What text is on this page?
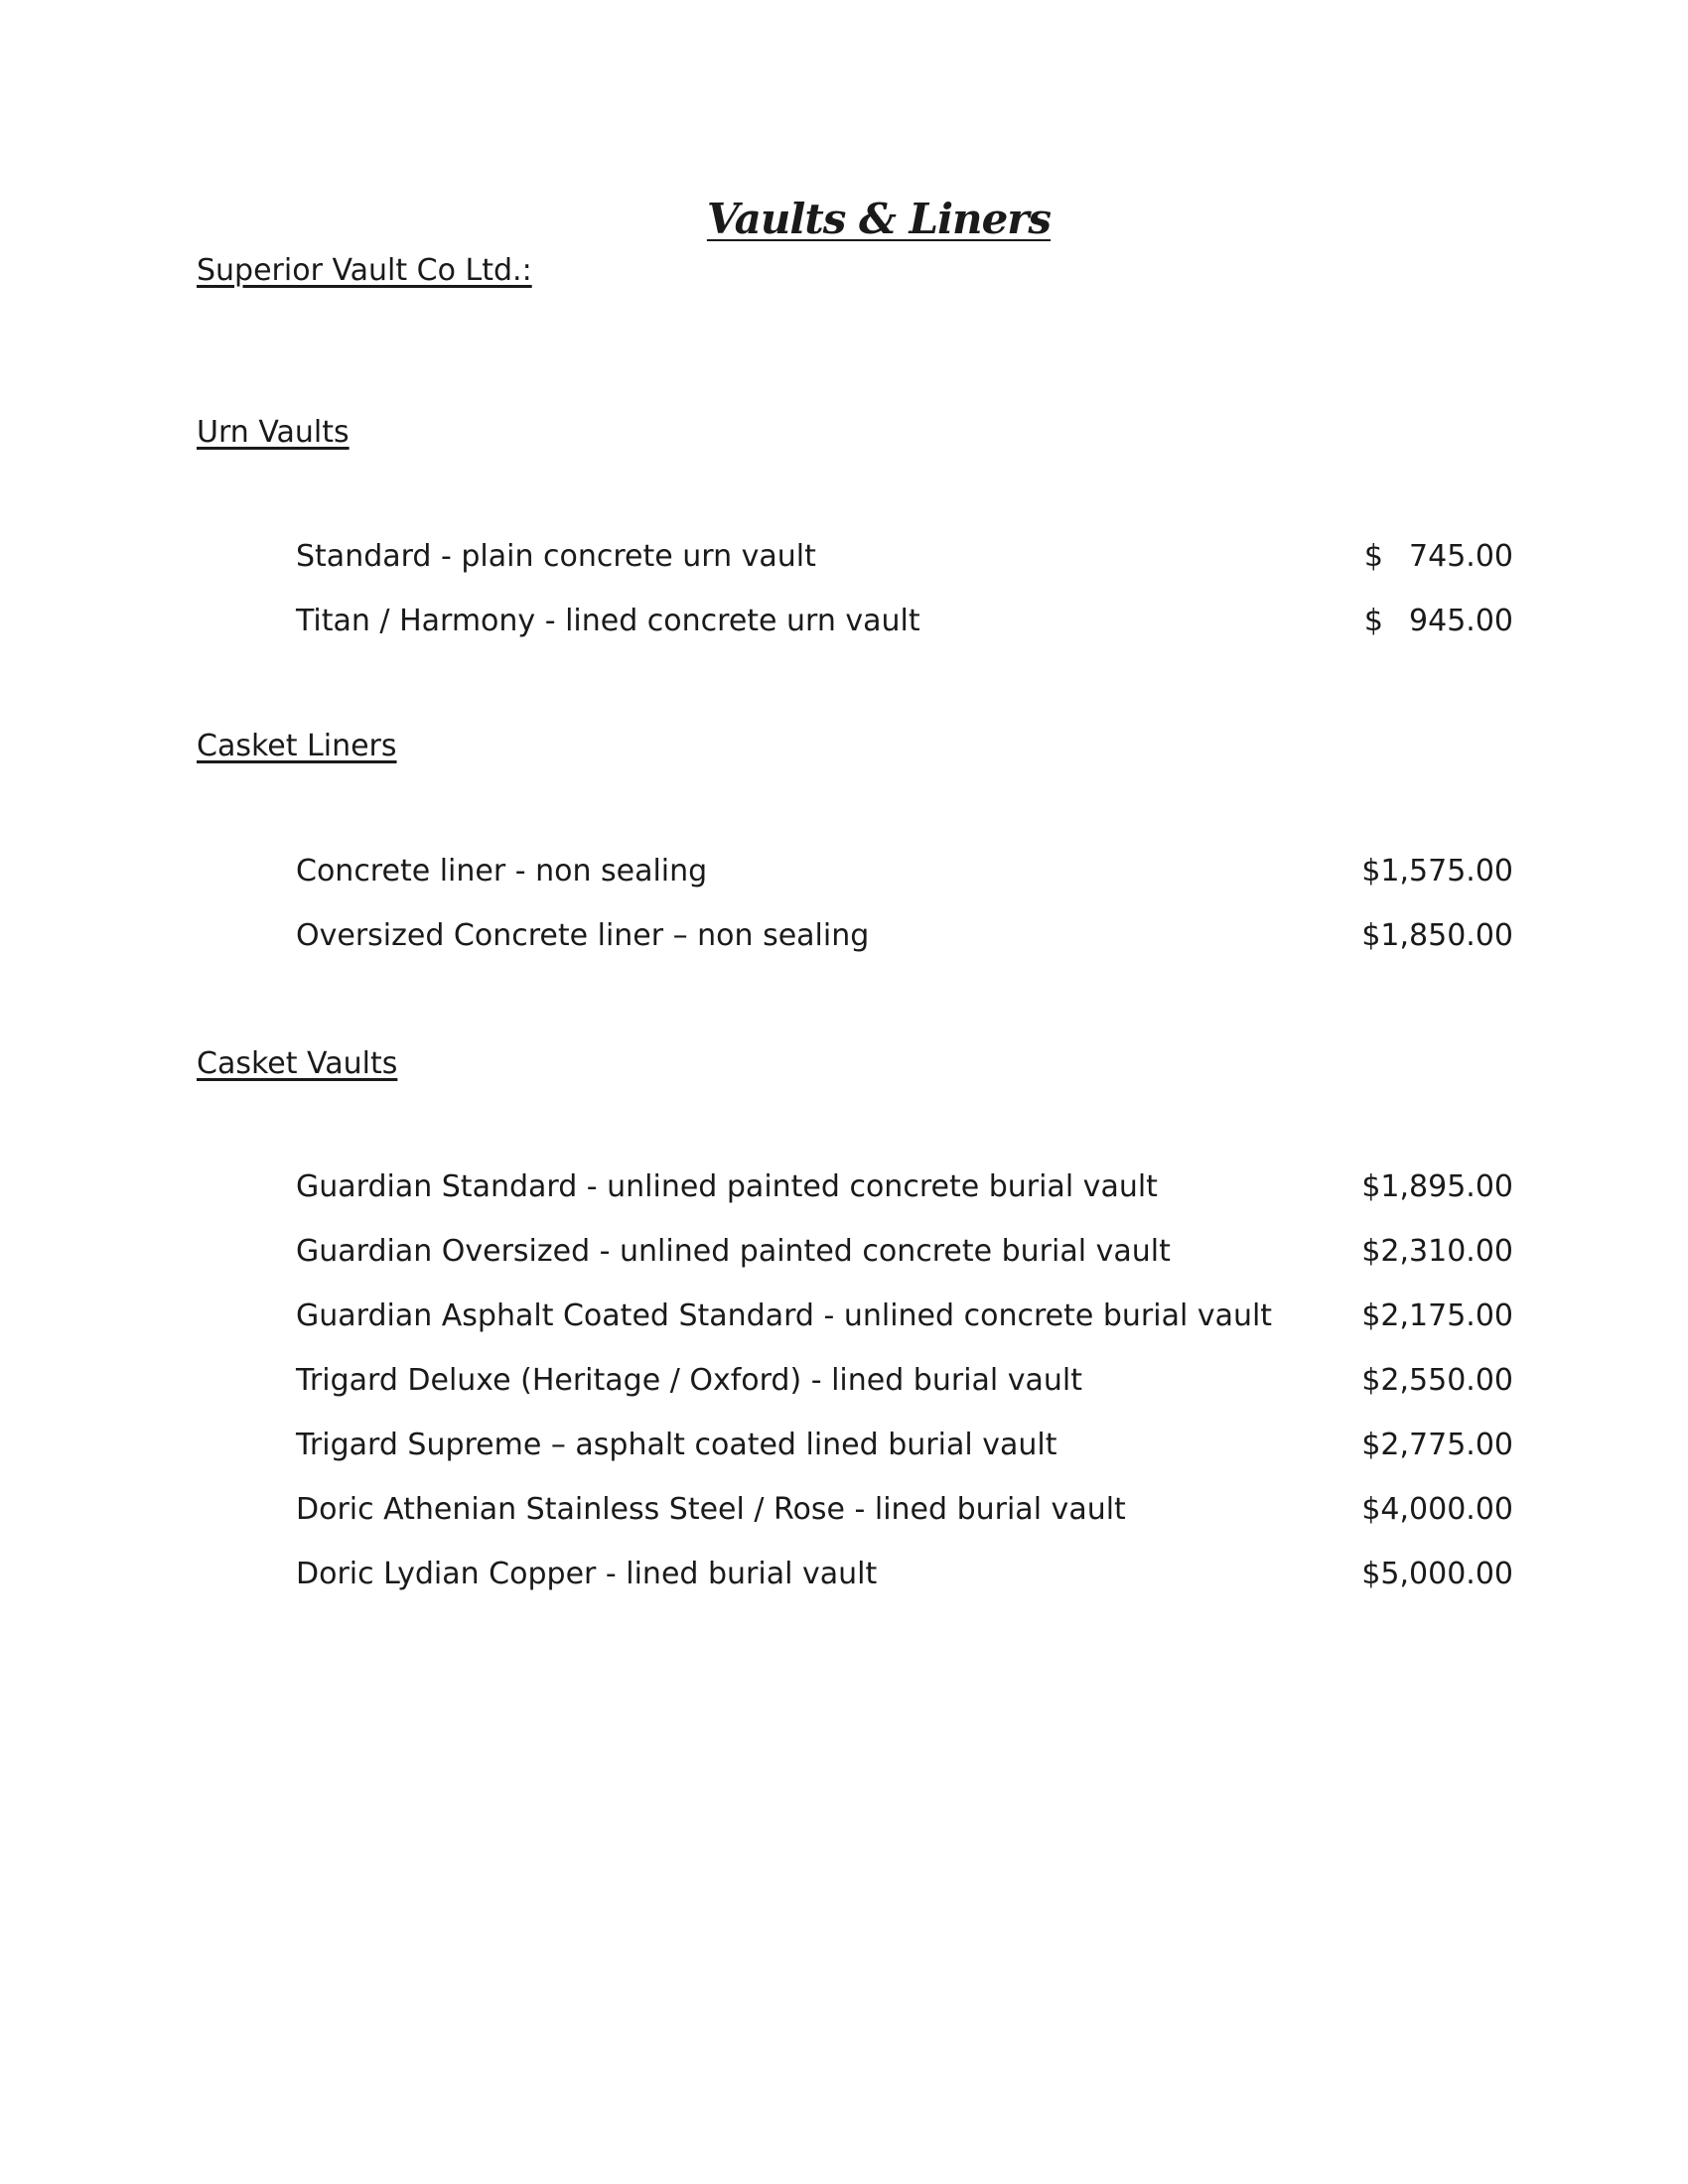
Vaults & Liners
Superior Vault Co Ltd.:
Urn Vaults
Standard - plain concrete urn vault	$ 745.00
Titan / Harmony - lined concrete urn vault	$ 945.00
Casket Liners
Concrete liner - non sealing	$1,575.00
Oversized Concrete liner – non sealing	$1,850.00
Casket Vaults
Guardian Standard - unlined painted concrete burial vault	$1,895.00
Guardian Oversized - unlined painted concrete burial vault	$2,310.00
Guardian Asphalt Coated Standard - unlined concrete burial vault	$2,175.00
Trigard Deluxe (Heritage / Oxford) - lined burial vault	$2,550.00
Trigard Supreme – asphalt coated lined burial vault	$2,775.00
Doric Athenian Stainless Steel / Rose - lined burial vault	$4,000.00
Doric Lydian Copper - lined burial vault	$5,000.00
